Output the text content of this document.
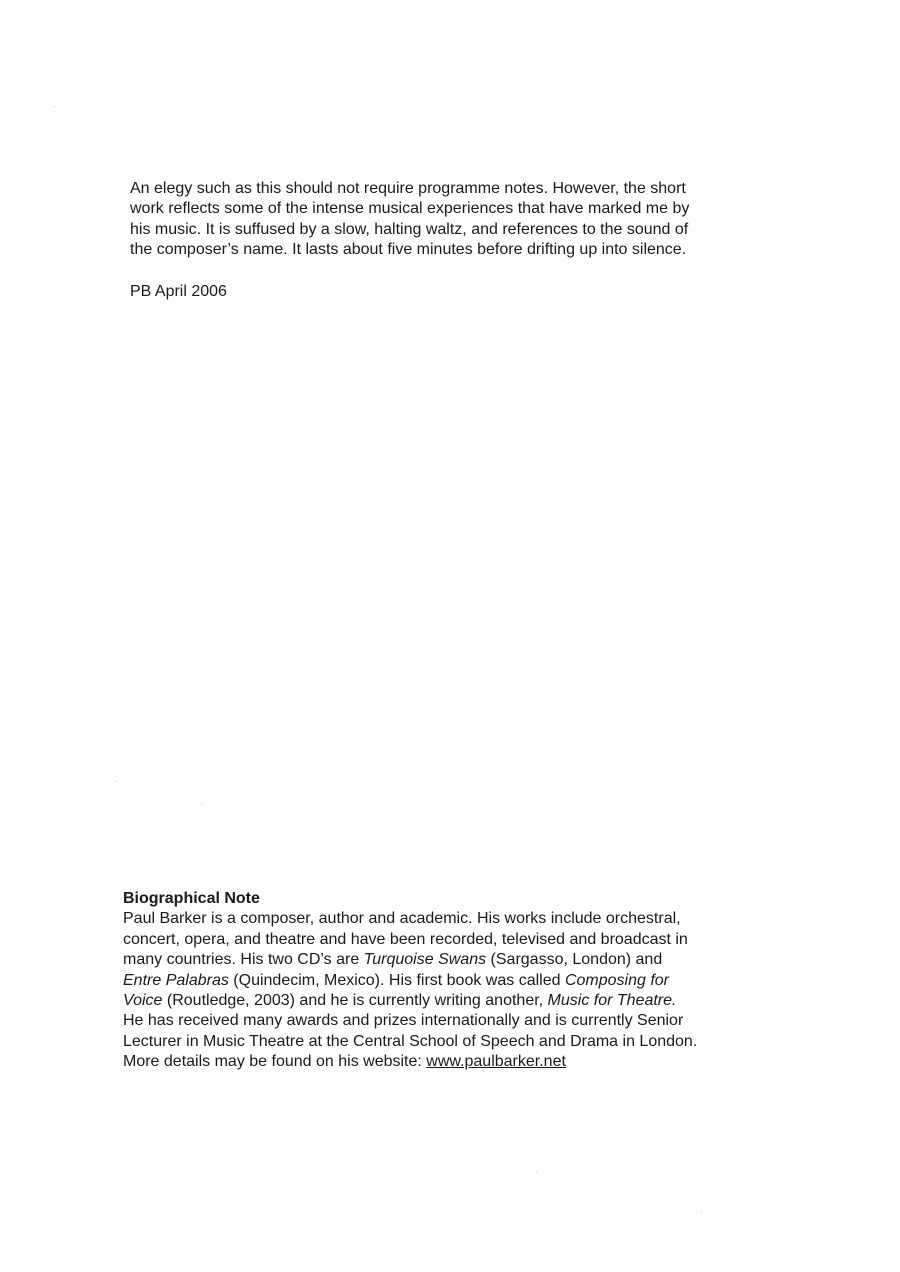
An elegy such as this should not require programme notes. However, the short
work reflects some of the intense musical experiences that have marked me by
his music. It is suffused by a slow, halting waltz, and references to the sound of
the composer’s name. It lasts about five minutes before drifting up into silence.

PB April 2006
Biographical Note
Paul Barker is a composer, author and academic. His works include orchestral,
concert, opera, and theatre and have been recorded, televised and broadcast in
many countries. His two CD’s are Turquoise Swans (Sargasso, London) and
Entre Palabras (Quindecim, Mexico). His first book was called Composing for
Voice (Routledge, 2003) and he is currently writing another, Music for Theatre.
He has received many awards and prizes internationally and is currently Senior
Lecturer in Music Theatre at the Central School of Speech and Drama in London.
More details may be found on his website: www.paulbarker.net
